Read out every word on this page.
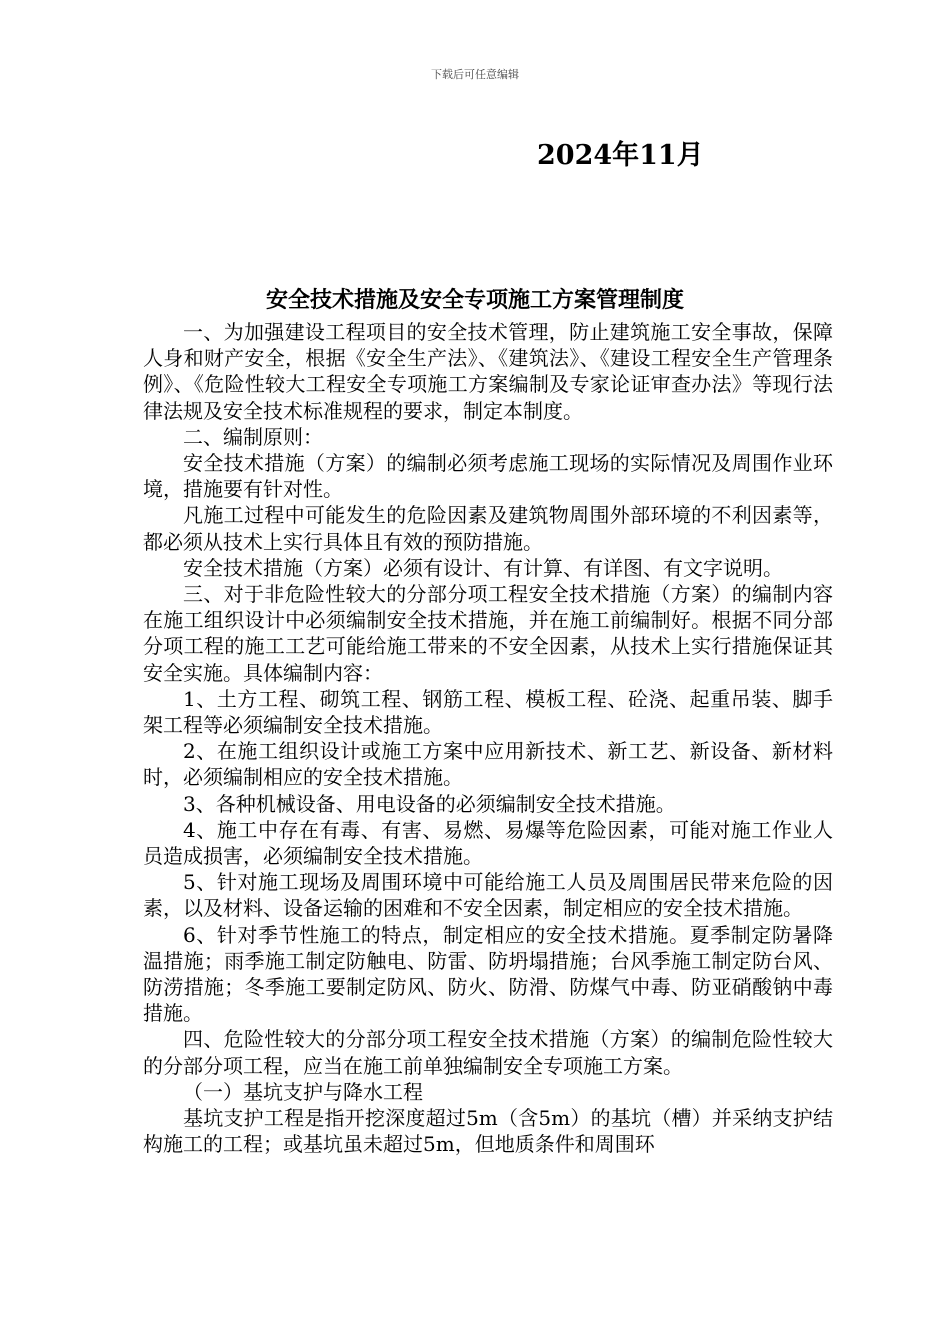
下载后可任意编辑
2024年11月
安全技术措施及安全专项施工方案管理制度

一、为加强建设工程项目的安全技术管理，防止建筑施工安全事故，保障人身和财产安全，根据《安全生产法》、《建筑法》、《建设工程安全生产管理条例》、《危险性较大工程安全专项施工方案编制及专家论证审查办法》等现行法律法规及安全技术标准规程的要求，制定本制度。

二、编制原则：

安全技术措施（方案）的编制必须考虑施工现场的实际情况及周围作业环境，措施要有针对性。

凡施工过程中可能发生的危险因素及建筑物周围外部环境的不利因素等，都必须从技术上实行具体且有效的预防措施。

安全技术措施（方案）必须有设计、有计算、有详图、有文字说明。

三、对于非危险性较大的分部分项工程安全技术措施（方案）的编制内容在施工组织设计中必须编制安全技术措施，并在施工前编制好。根据不同分部分项工程的施工工艺可能给施工带来的不安全因素，从技术上实行措施保证其安全实施。具体编制内容：

1、土方工程、砌筑工程、钢筋工程、模板工程、砼浇、起重吊装、脚手架工程等必须编制安全技术措施。

2、在施工组织设计或施工方案中应用新技术、新工艺、新设备、新材料时，必须编制相应的安全技术措施。

3、各种机械设备、用电设备的必须编制安全技术措施。

4、施工中存在有毒、有害、易燃、易爆等危险因素，可能对施工作业人员造成损害，必须编制安全技术措施。

5、针对施工现场及周围环境中可能给施工人员及周围居民带来危险的因素，以及材料、设备运输的困难和不安全因素，制定相应的安全技术措施。

6、针对季节性施工的特点，制定相应的安全技术措施。夏季制定防暑降温措施；雨季施工制定防触电、防雷、防坍塌措施；台风季施工制定防台风、防涝措施；冬季施工要制定防风、防火、防滑、防煤气中毒、防亚硝酸钠中毒措施。

四、危险性较大的分部分项工程安全技术措施（方案）的编制危险性较大的分部分项工程，应当在施工前单独编制安全专项施工方案。

（一）基坑支护与降水工程

基坑支护工程是指开挖深度超过5m（含5m）的基坑（槽）并采纳支护结构施工的工程；或基坑虽未超过5m，但地质条件和周围环
